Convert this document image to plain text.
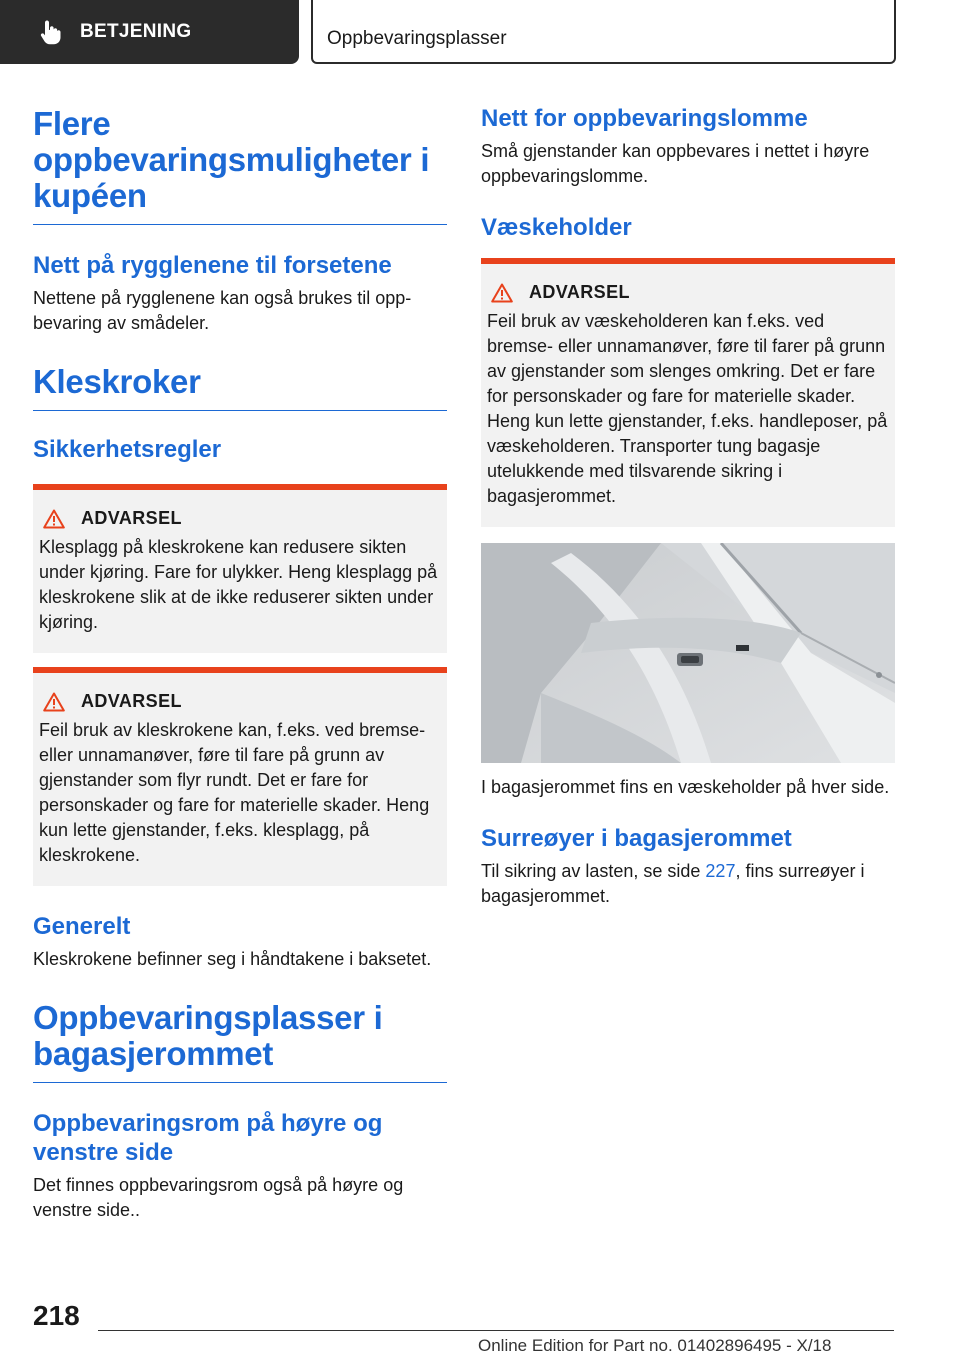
BETJENING	Oppbevaringsplasser
Flere oppbevaringsmuligheter i kupéen
Nett på rygglenene til forsetene

Nettene på rygglenene kan også brukes til oppbevaring av smådeler.

Kleskroker
Sikkerhetsregler
ADVARSEL

Klesplagg på kleskrokene kan redusere sikten under kjøring. Fare for ulykker. Heng klesplagg på kleskrokene slik at de ikke reduserer sikten under kjøring.

ADVARSEL

Feil bruk av kleskrokene kan, f.eks. ved bremse- eller unnamanøver, føre til fare på grunn av gjenstander som flyr rundt. Det er fare for personskader og fare for materielle skader. Heng kun lette gjenstander, f.eks. klesplagg, på kleskrokene.

Generelt

Kleskrokene befinner seg i håndtakene i baksetet.

Oppbevaringsplasser i bagasjerommet
Oppbevaringsrom på høyre og venstre side

Det finnes oppbevaringsrom også på høyre og venstre side..

Nett for oppbevaringslomme

Små gjenstander kan oppbevares i nettet i høyre oppbevaringslomme.

Væskeholder
ADVARSEL

Feil bruk av væskeholderen kan f.eks. ved bremse- eller unnamanøver, føre til farer på grunn av gjenstander som slenges omkring. Det er fare for personskader og fare for materielle skader. Heng kun lette gjenstander, f.eks. handleposer, på væskeholderen. Transporter tung bagasje utelukkende med tilsvarende sikring i bagasjerommet.

I bagasjerommet fins en væskeholder på hver side.

Surreøyer i bagasjerommet

Til sikring av lasten, se side 227, fins surreøyer i bagasjerommet.

218
Online Edition for Part no. 01402896495 - X/18
